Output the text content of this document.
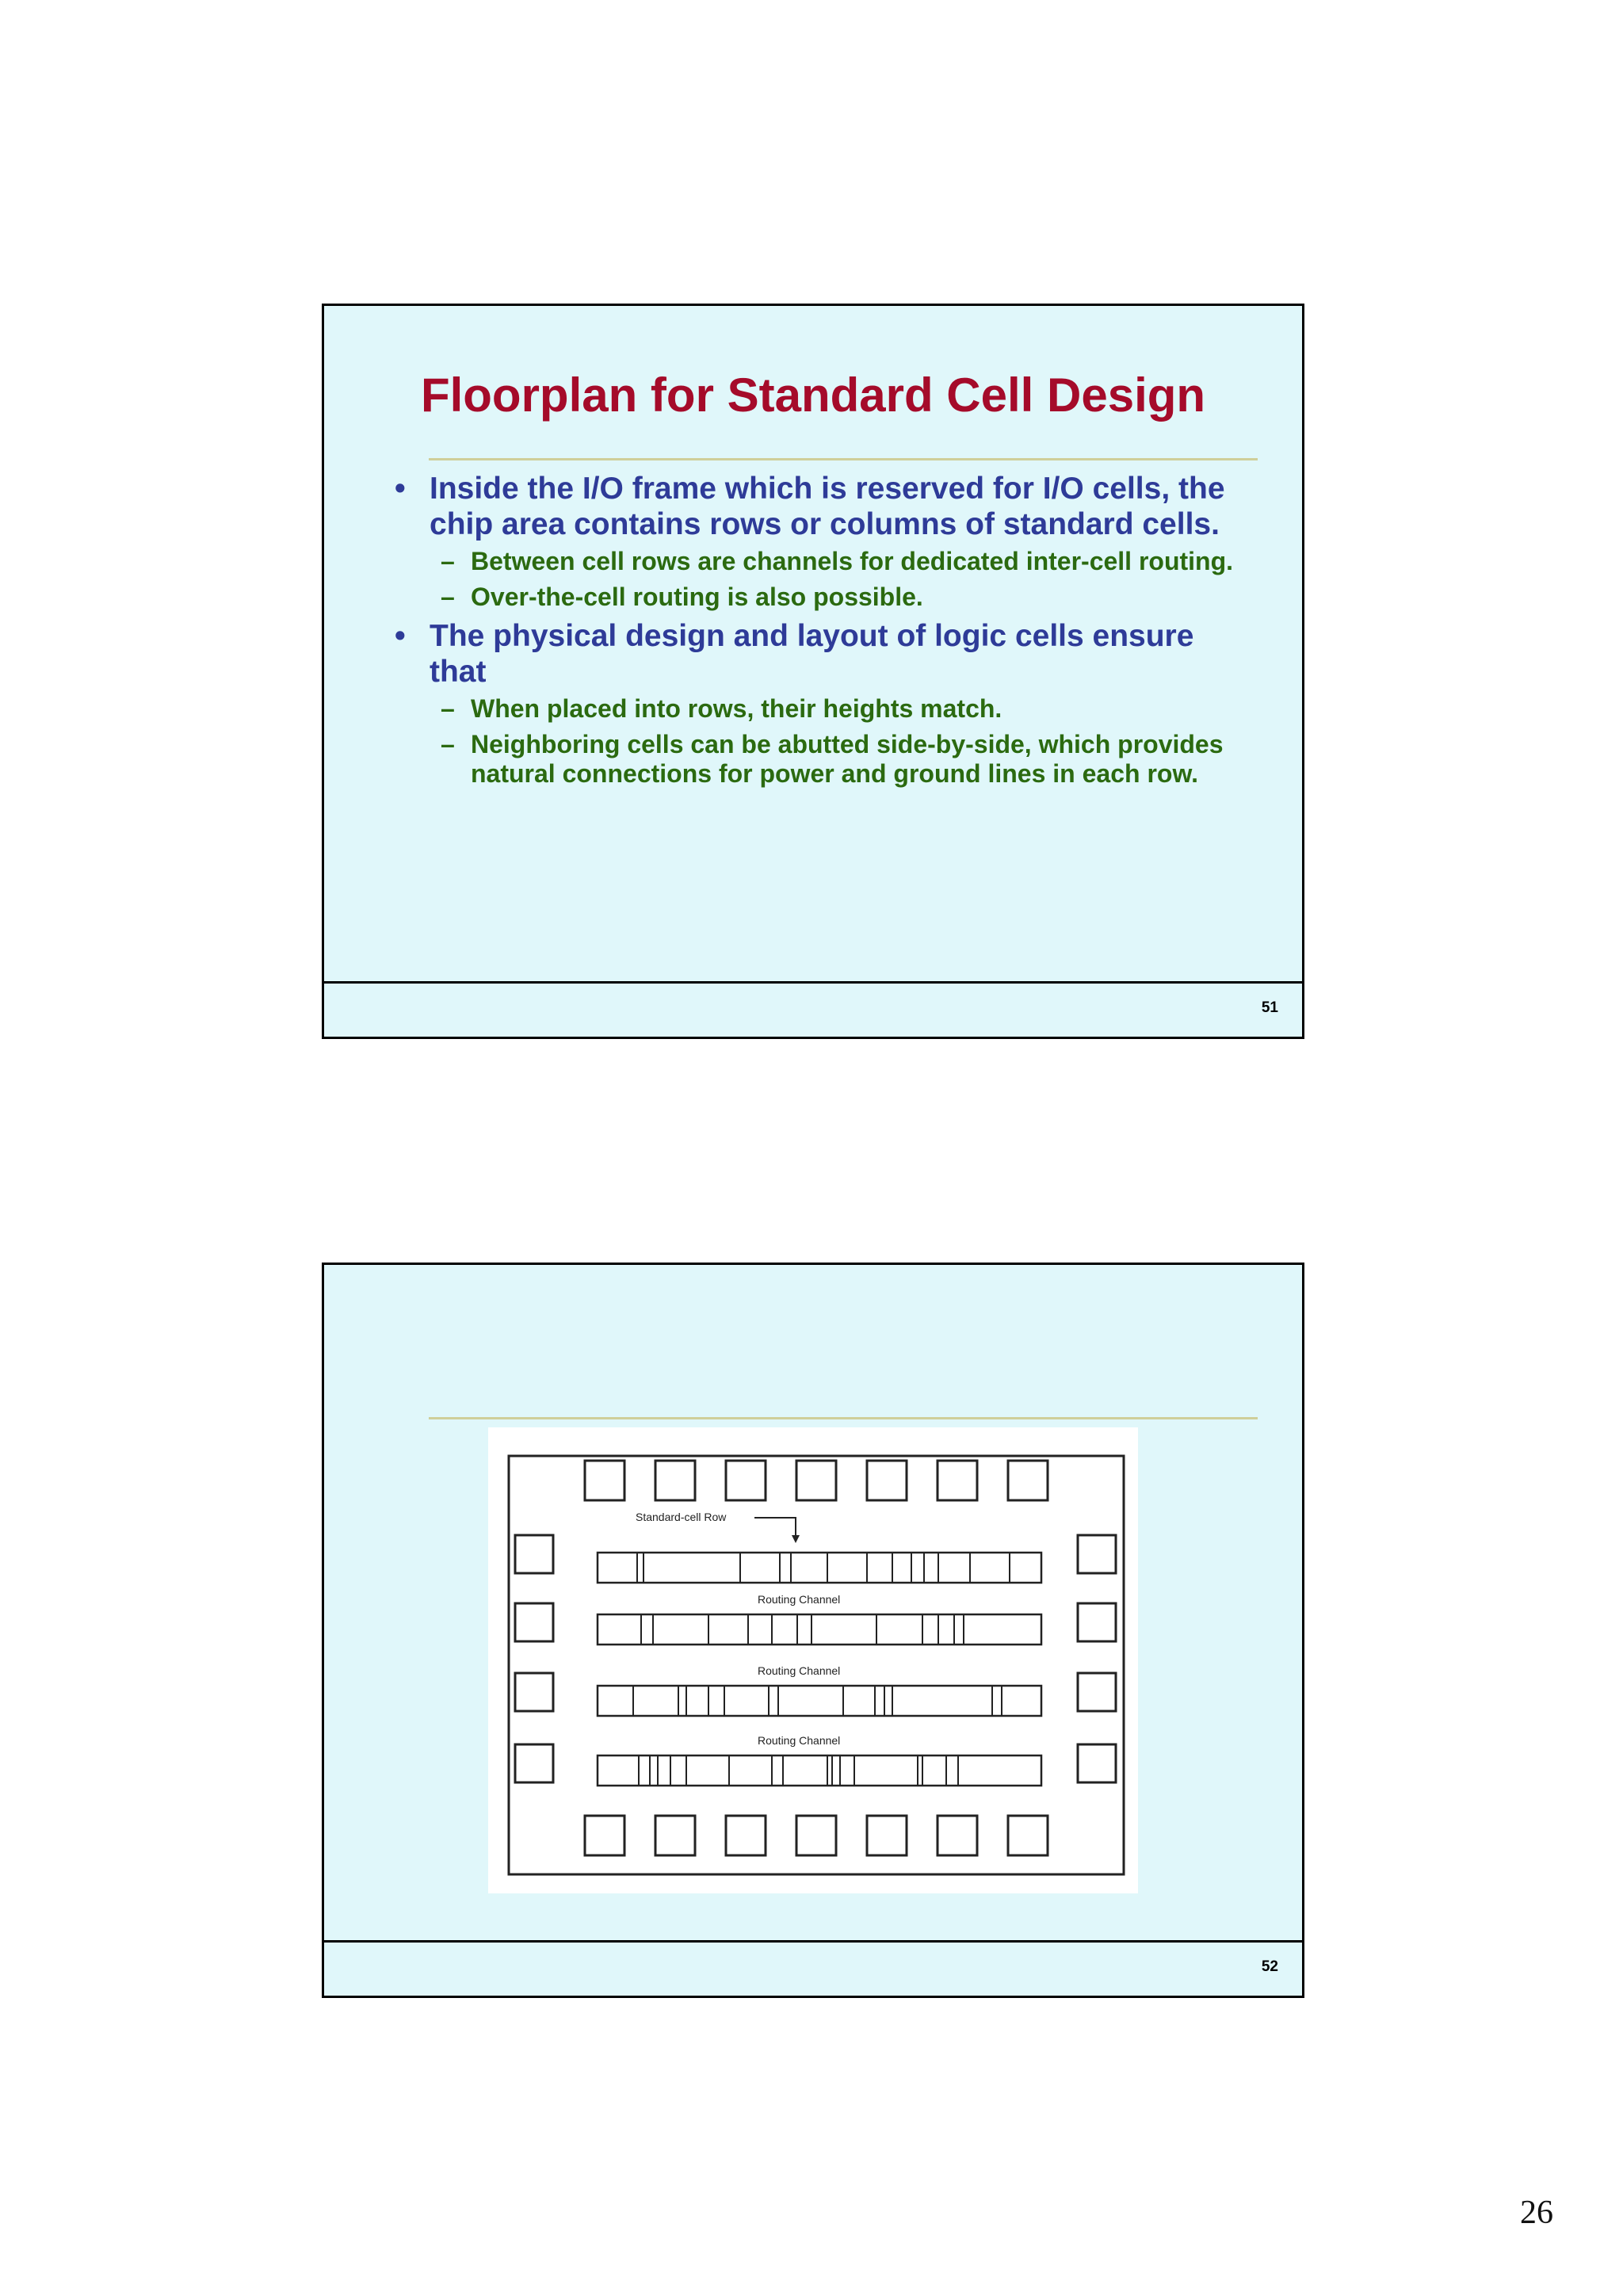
Floorplan for Standard Cell Design
• Inside the I/O frame which is reserved for I/O cells, the chip area contains rows or columns of standard cells.
– Between cell rows are channels for dedicated inter-cell routing.
– Over-the-cell routing is also possible.
• The physical design and layout of logic cells ensure that
– When placed into rows, their heights match.
– Neighboring cells can be abutted side-by-side, which provides natural connections for power and ground lines in each row.
51
Standard-cell Row
Routing Channel
Routing Channel
Routing Channel
52
26
